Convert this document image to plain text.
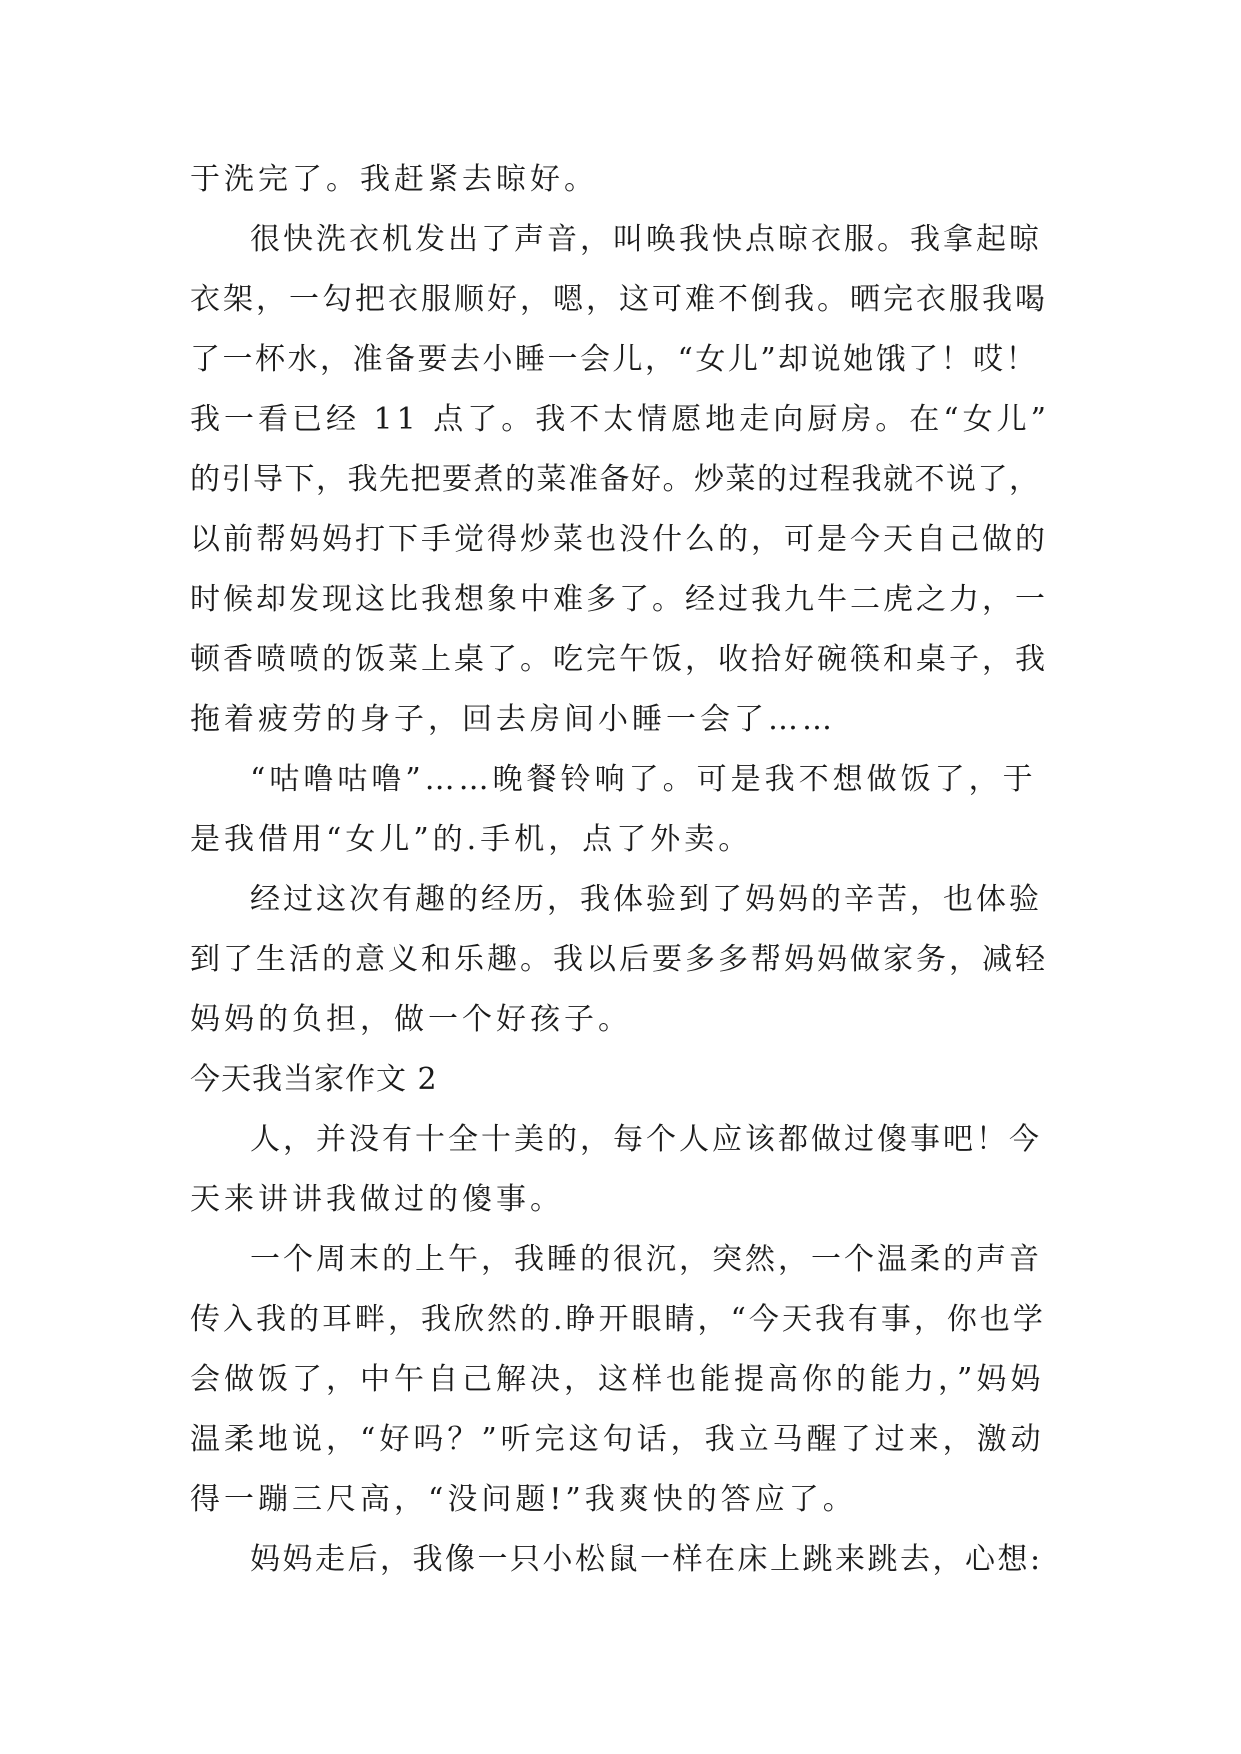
于洗完了。我赶紧去晾好。
很快洗衣机发出了声音，叫唤我快点晾衣服。我拿起晾
衣架，一勾把衣服顺好，嗯，这可难不倒我。晒完衣服我喝
了一杯水，准备要去小睡一会儿，“女儿”却说她饿了！哎！
我一看已经 11 点了。我不太情愿地走向厨房。在“女儿”
的引导下，我先把要煮的菜准备好。炒菜的过程我就不说了，
以前帮妈妈打下手觉得炒菜也没什么的，可是今天自己做的
时候却发现这比我想象中难多了。经过我九牛二虎之力，一
顿香喷喷的饭菜上桌了。吃完午饭，收拾好碗筷和桌子，我
拖着疲劳的身子，回去房间小睡一会了……
“咕噜咕噜”……晚餐铃响了。可是我不想做饭了，于
是我借用“女儿”的.手机，点了外卖。
经过这次有趣的经历，我体验到了妈妈的辛苦，也体验
到了生活的意义和乐趣。我以后要多多帮妈妈做家务，减轻
妈妈的负担，做一个好孩子。
今天我当家作文 2
人，并没有十全十美的，每个人应该都做过傻事吧！今
天来讲讲我做过的傻事。
一个周末的上午，我睡的很沉，突然，一个温柔的声音
传入我的耳畔，我欣然的.睁开眼睛，“今天我有事，你也学
会做饭了，中午自己解决，这样也能提高你的能力，”妈妈
温柔地说，“好吗？”听完这句话，我立马醒了过来，激动
得一蹦三尺高，“没问题!”我爽快的答应了。
妈妈走后，我像一只小松鼠一样在床上跳来跳去，心想:
